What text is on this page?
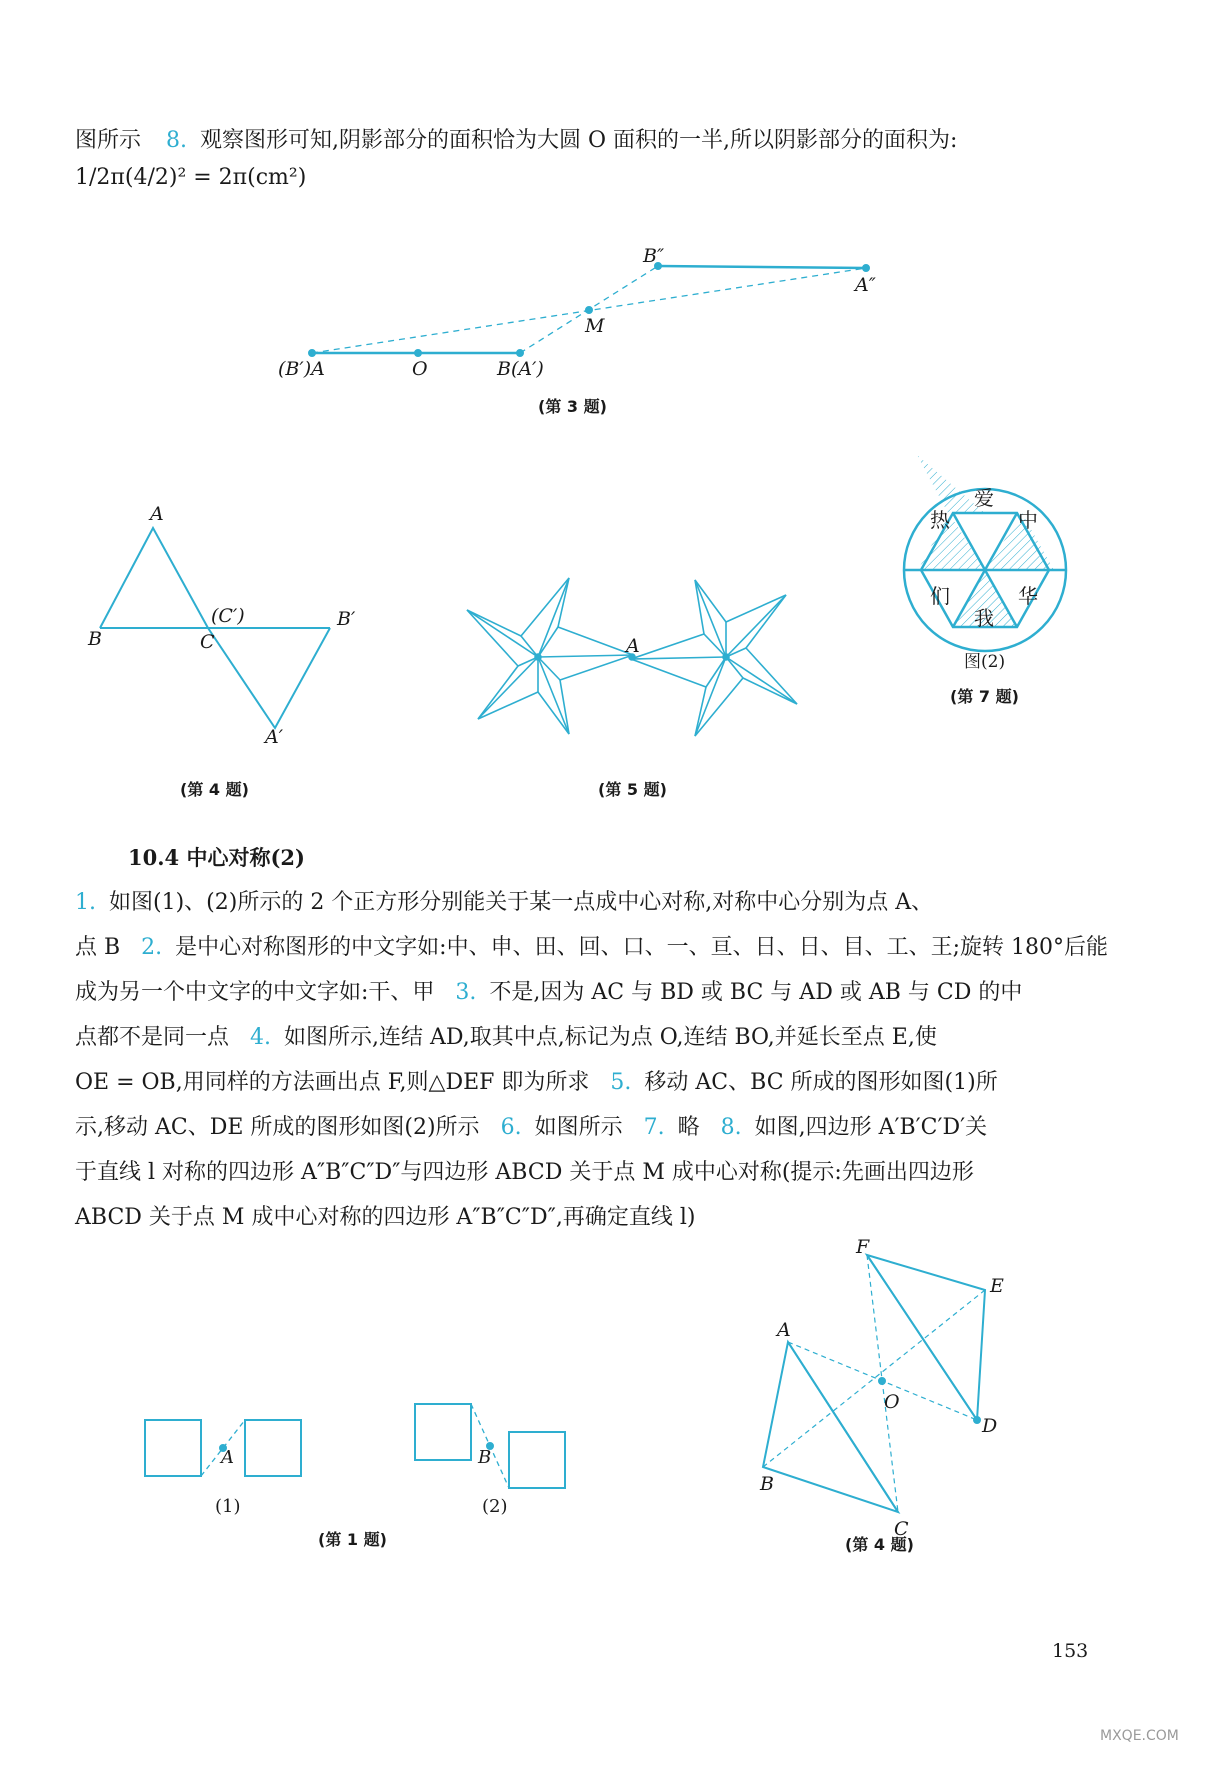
图所示 8. 观察图形可知,阴影部分的面积恰为大圆 O 面积的一半,所以阴影部分的面积为:
1/2π(4/2)² = 2π(cm²)
B″
A″
M
(B′)A	O	B(A′)
(第 3 题)
A
B	C
(C′)	B′
A′
(第 4 题)
A
(第 5 题)
爱
中
华
我
们
热
图(2)
(第 7 题)
A
(1)
B
(2)
(第 1 题)
F
E
A
O
D
B
C
(第 4 题)
10.4 中心对称(2)
1. 如图(1)、(2)所示的 2 个正方形分别能关于某一点成中心对称,对称中心分别为点 A、
点 B 2. 是中心对称图形的中文字如:中、申、田、回、口、一、亘、日、日、目、工、王;旋转 180°后能
成为另一个中文字的中文字如:干、甲 3. 不是,因为 AC 与 BD 或 BC 与 AD 或 AB 与 CD 的中
点都不是同一点 4. 如图所示,连结 AD,取其中点,标记为点 O,连结 BO,并延长至点 E,使
OE = OB,用同样的方法画出点 F,则△DEF 即为所求 5. 移动 AC、BC 所成的图形如图(1)所
示,移动 AC、DE 所成的图形如图(2)所示 6. 如图所示 7. 略 8. 如图,四边形 A′B′C′D′关
于直线 l 对称的四边形 A″B″C″D″与四边形 ABCD 关于点 M 成中心对称(提示:先画出四边形
ABCD 关于点 M 成中心对称的四边形 A″B″C″D″,再确定直线 l)
153
MXQE.COM
